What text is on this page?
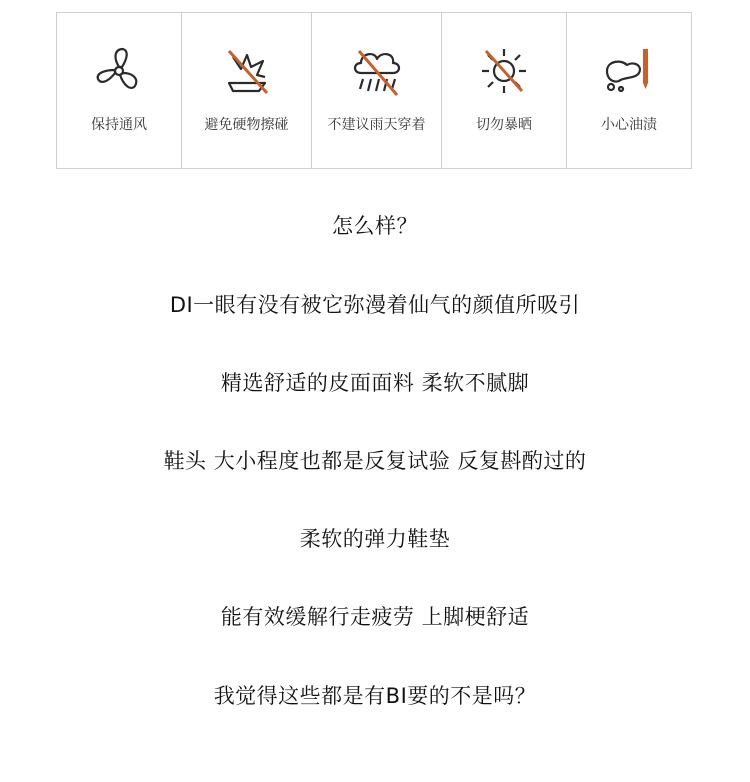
保持通风	避免硬物擦碰	不建议雨天穿着	切勿暴晒	小心油渍
怎么样？
DI一眼有没有被它弥漫着仙气的颜值所吸引
精选舒适的皮面面料 柔软不腻脚
鞋头 大小程度也都是反复试验 反复斟酌过的
柔软的弹力鞋垫
能有效缓解行走疲劳 上脚梗舒适
我觉得这些都是有BI要的不是吗？
